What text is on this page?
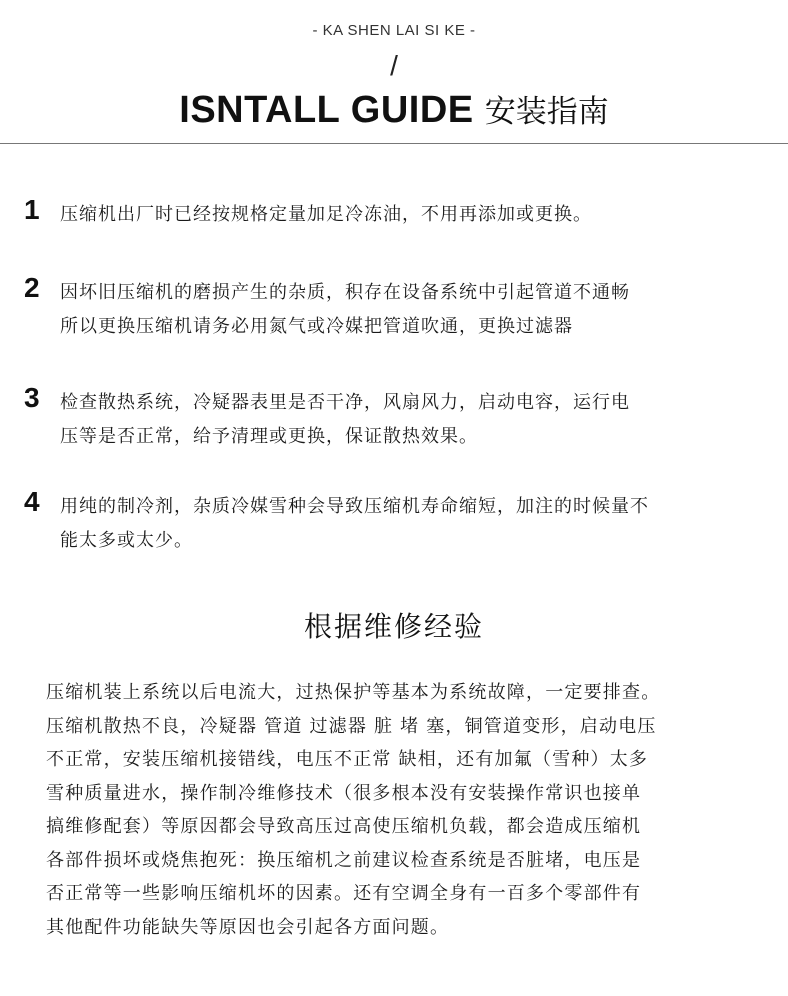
- KA SHEN LAI SI KE -
/
ISNTALL GUIDE 安装指南
1 压缩机出厂时已经按规格定量加足冷冻油，不用再添加或更换。
2 因坏旧压缩机的磨损产生的杂质，积存在设备系统中引起管道不通畅
所以更换压缩机请务必用氮气或冷媒把管道吹通，更换过滤器
3 检查散热系统，冷疑器表里是否干净，风扇风力，启动电容，运行电
压等是否正常，给予清理或更换，保证散热效果。
4 用纯的制冷剂，杂质冷媒雪种会导致压缩机寿命缩短，加注的时候量不
能太多或太少。
根据维修经验
压缩机装上系统以后电流大，过热保护等基本为系统故障，一定要排查。
压缩机散热不良，冷疑器 管道 过滤器 脏 堵 塞，铜管道变形，启动电压
不正常，安装压缩机接错线，电压不正常 缺相，还有加氟（雪种）太多
雪种质量进水，操作制冷维修技术（很多根本没有安装操作常识也接单
搞维修配套）等原因都会导致高压过高使压缩机负载，都会造成压缩机
各部件损坏或烧焦抱死：换压缩机之前建议检查系统是否脏堵，电压是
否正常等一些影响压缩机坏的因素。还有空调全身有一百多个零部件有
其他配件功能缺失等原因也会引起各方面问题。
